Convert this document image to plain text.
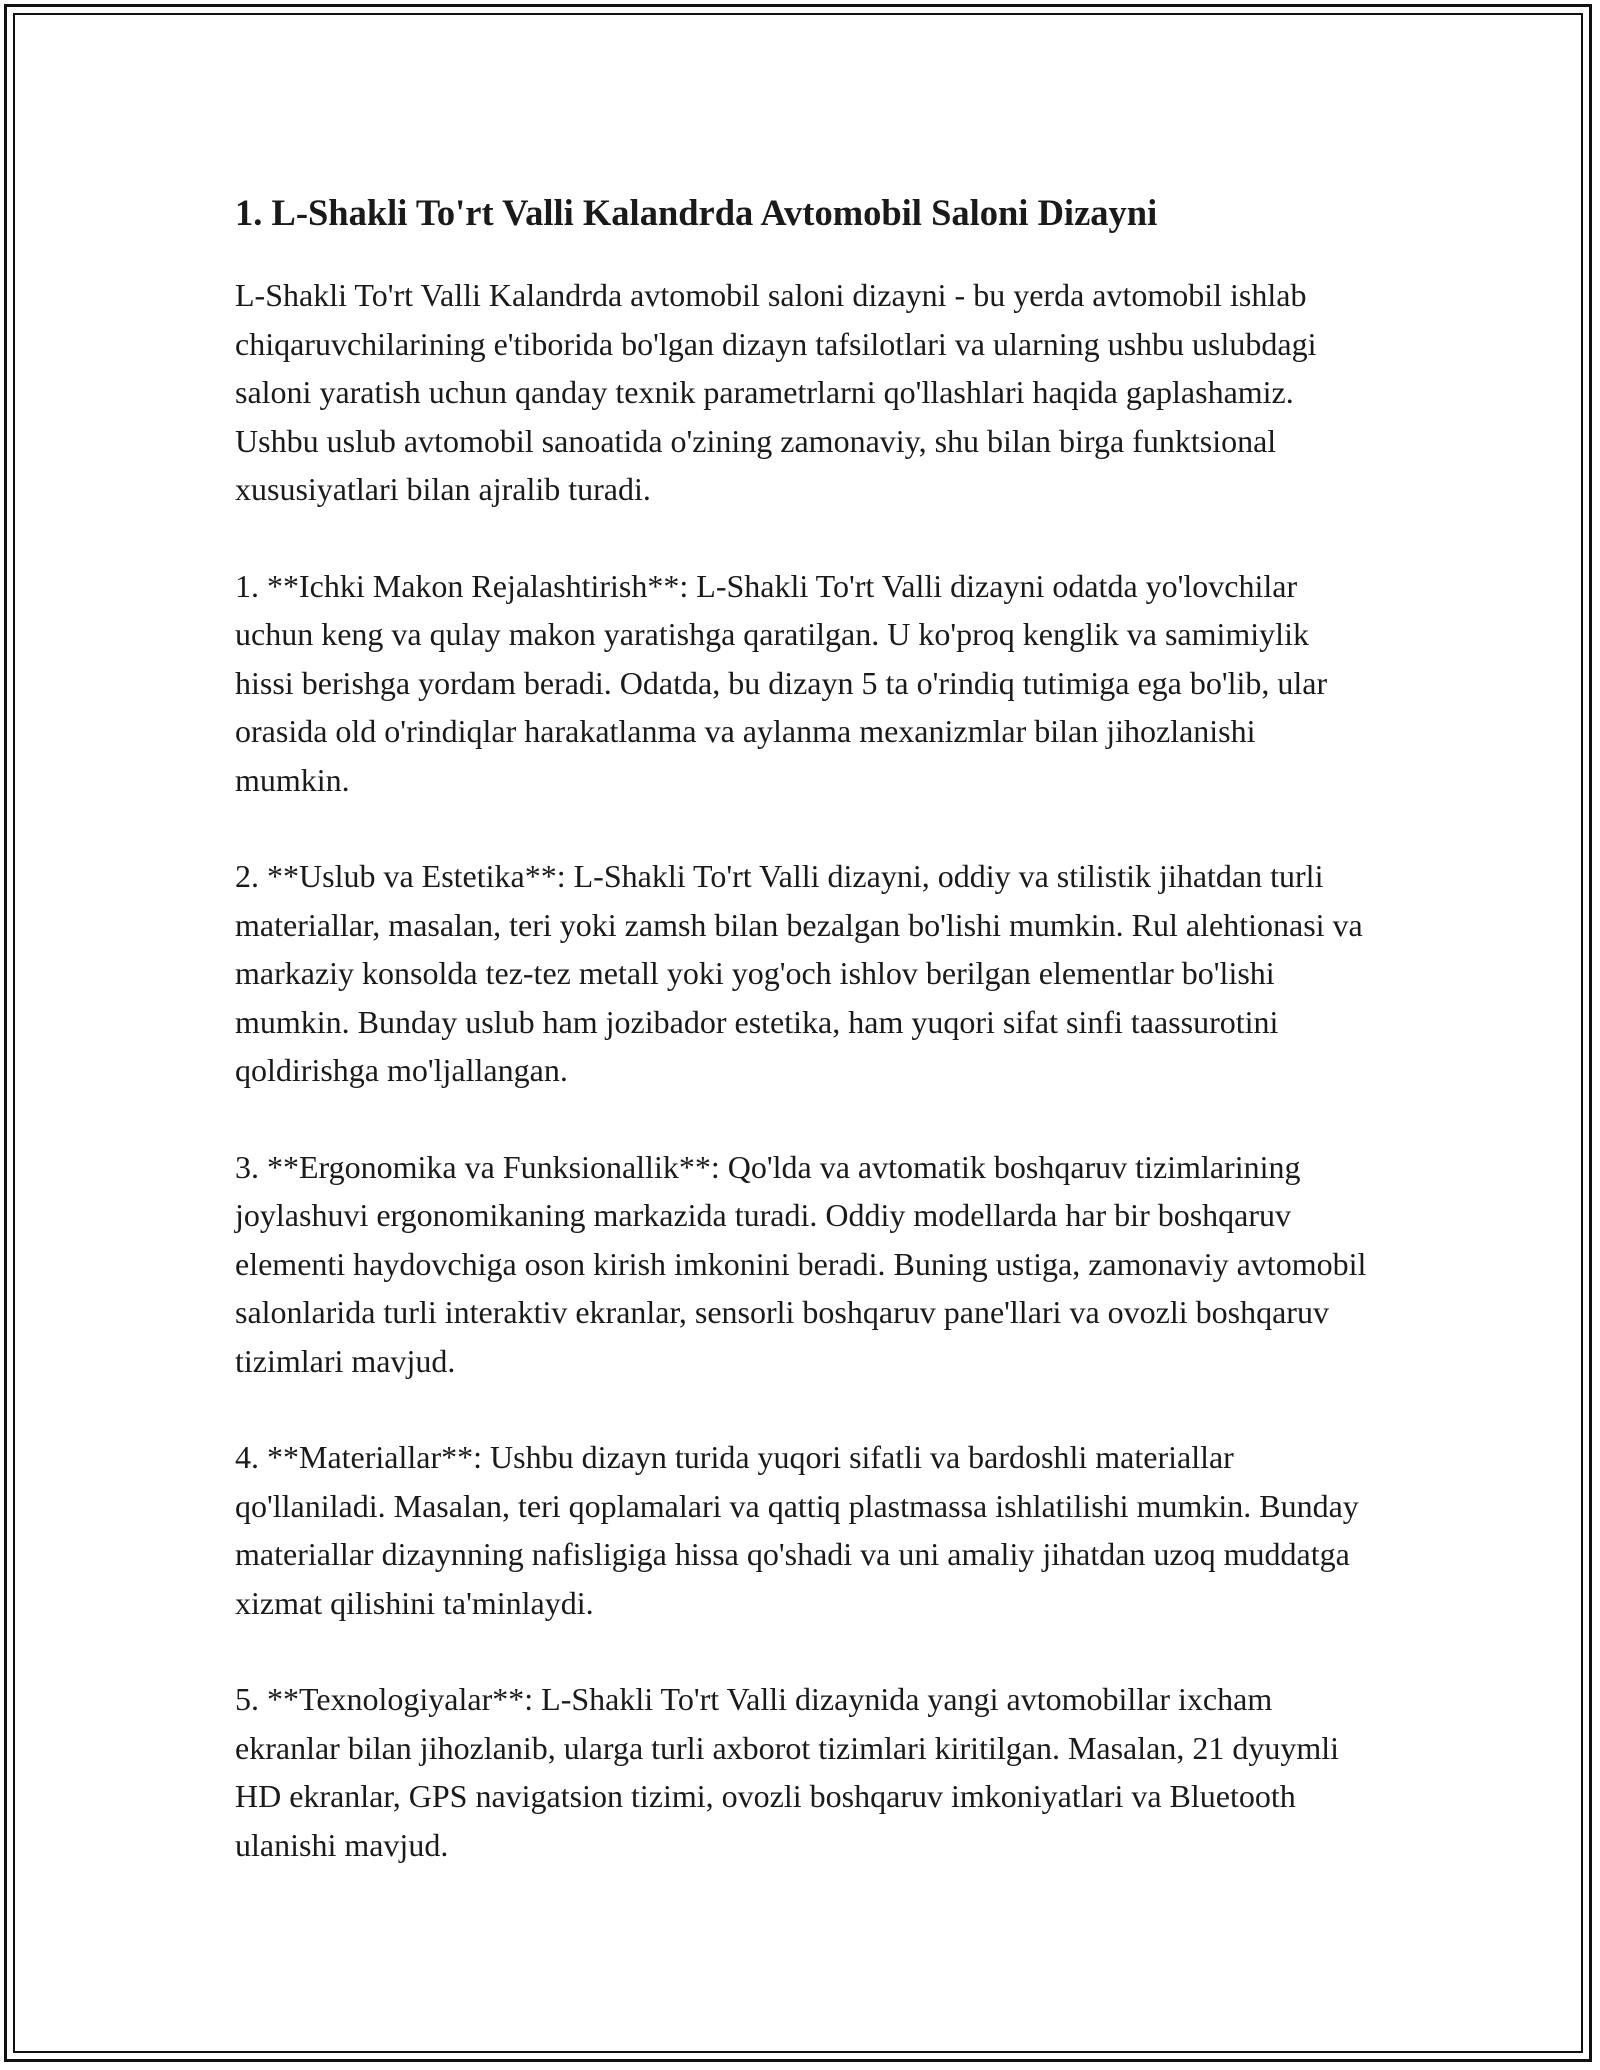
1. L-Shakli To'rt Valli Kalandrda Avtomobil Saloni Dizayni

L-Shakli To'rt Valli Kalandrda avtomobil saloni dizayni - bu yerda avtomobil ishlab chiqaruvchilarining e'tiborida bo'lgan dizayn tafsilotlari va ularning ushbu uslubdagi saloni yaratish uchun qanday texnik parametrlarni qo'llashlari haqida gaplashamiz. Ushbu uslub avtomobil sanoatida o'zining zamonaviy, shu bilan birga funktsional xususiyatlari bilan ajralib turadi.

1. **Ichki Makon Rejalashtirish**: L-Shakli To'rt Valli dizayni odatda yo'lovchilar uchun keng va qulay makon yaratishga qaratilgan. U ko'proq kenglik va samimiylik hissi berishga yordam beradi. Odatda, bu dizayn 5 ta o'rindiq tutimiga ega bo'lib, ular orasida old o'rindiqlar harakatlanma va aylanma mexanizmlar bilan jihozlanishi mumkin.

2. **Uslub va Estetika**: L-Shakli To'rt Valli dizayni, oddiy va stilistik jihatdan turli materiallar, masalan, teri yoki zamsh bilan bezalgan bo'lishi mumkin. Rul alehtionasi va markaziy konsolda tez-tez metall yoki yog'och ishlov berilgan elementlar bo'lishi mumkin. Bunday uslub ham jozibador estetika, ham yuqori sifat sinfi taassurotini qoldirishga mo'ljallangan.

3. **Ergonomika va Funksionallik**: Qo'lda va avtomatik boshqaruv tizimlarining joylashuvi ergonomikaning markazida turadi. Oddiy modellarda har bir boshqaruv elementi haydovchiga oson kirish imkonini beradi. Buning ustiga, zamonaviy avtomobil salonlarida turli interaktiv ekranlar, sensorli boshqaruv pane'llari va ovozli boshqaruv tizimlari mavjud.

4. **Materiallar**: Ushbu dizayn turida yuqori sifatli va bardoshli materiallar qo'llaniladi. Masalan, teri qoplamalari va qattiq plastmassa ishlatilishi mumkin. Bunday materiallar dizaynning nafisligiga hissa qo'shadi va uni amaliy jihatdan uzoq muddatga xizmat qilishini ta'minlaydi.

5. **Texnologiyalar**: L-Shakli To'rt Valli dizaynida yangi avtomobillar ixcham ekranlar bilan jihozlanib, ularga turli axborot tizimlari kiritilgan. Masalan, 21 dyuymli HD ekranlar, GPS navigatsion tizimi, ovozli boshqaruv imkoniyatlari va Bluetooth ulanishi mavjud.
